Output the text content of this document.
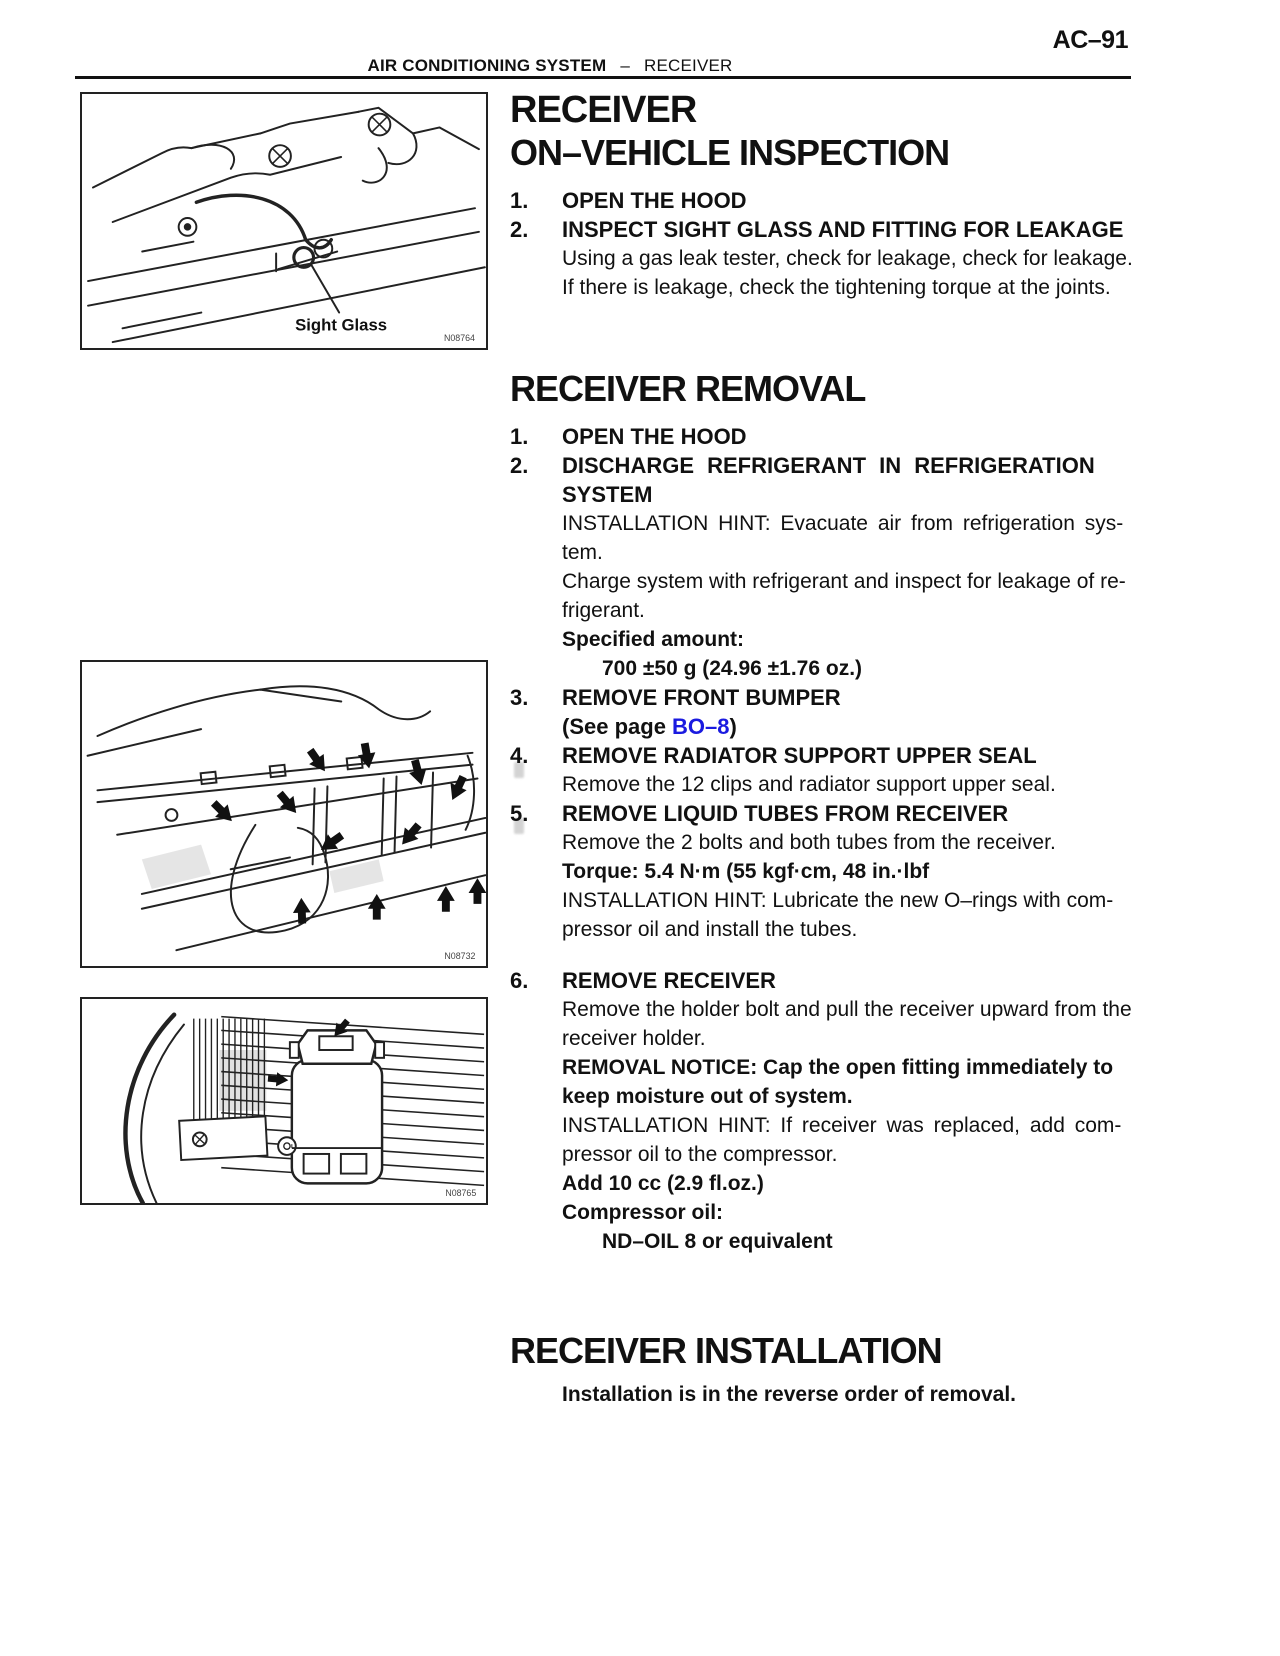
AC–91
AIR CONDITIONING SYSTEM – RECEIVER
Sight Glass
N08764
N08732
N08765
RECEIVER
ON–VEHICLE INSPECTION
1.	OPEN THE HOOD
2.	INSPECT SIGHT GLASS AND FITTING FOR LEAKAGE
Using a gas leak tester, check for leakage, check for leakage.
If there is leakage, check the tightening torque at the joints.
RECEIVER REMOVAL
1.	OPEN THE HOOD
2.	DISCHARGE REFRIGERANT IN REFRIGERATION
SYSTEM
INSTALLATION HINT: Evacuate air from refrigeration sys-
tem.
Charge system with refrigerant and inspect for leakage of re-
frigerant.
Specified amount:
700 ±50 g (24.96 ±1.76 oz.)
3.	REMOVE FRONT BUMPER
(See page BO–8)
4.	REMOVE RADIATOR SUPPORT UPPER SEAL
Remove the 12 clips and radiator support upper seal.
5.	REMOVE LIQUID TUBES FROM RECEIVER
Remove the 2 bolts and both tubes from the receiver.
Torque: 5.4 N·m (55 kgf·cm, 48 in.·lbf
INSTALLATION HINT: Lubricate the new O–rings with com-
pressor oil and install the tubes.
6.	REMOVE RECEIVER
Remove the holder bolt and pull the receiver upward from the
receiver holder.
REMOVAL NOTICE: Cap the open fitting immediately to
keep moisture out of system.
INSTALLATION HINT: If receiver was replaced, add com-
pressor oil to the compressor.
Add 10 cc (2.9 fl.oz.)
Compressor oil:
ND–OIL 8 or equivalent
RECEIVER INSTALLATION
Installation is in the reverse order of removal.
